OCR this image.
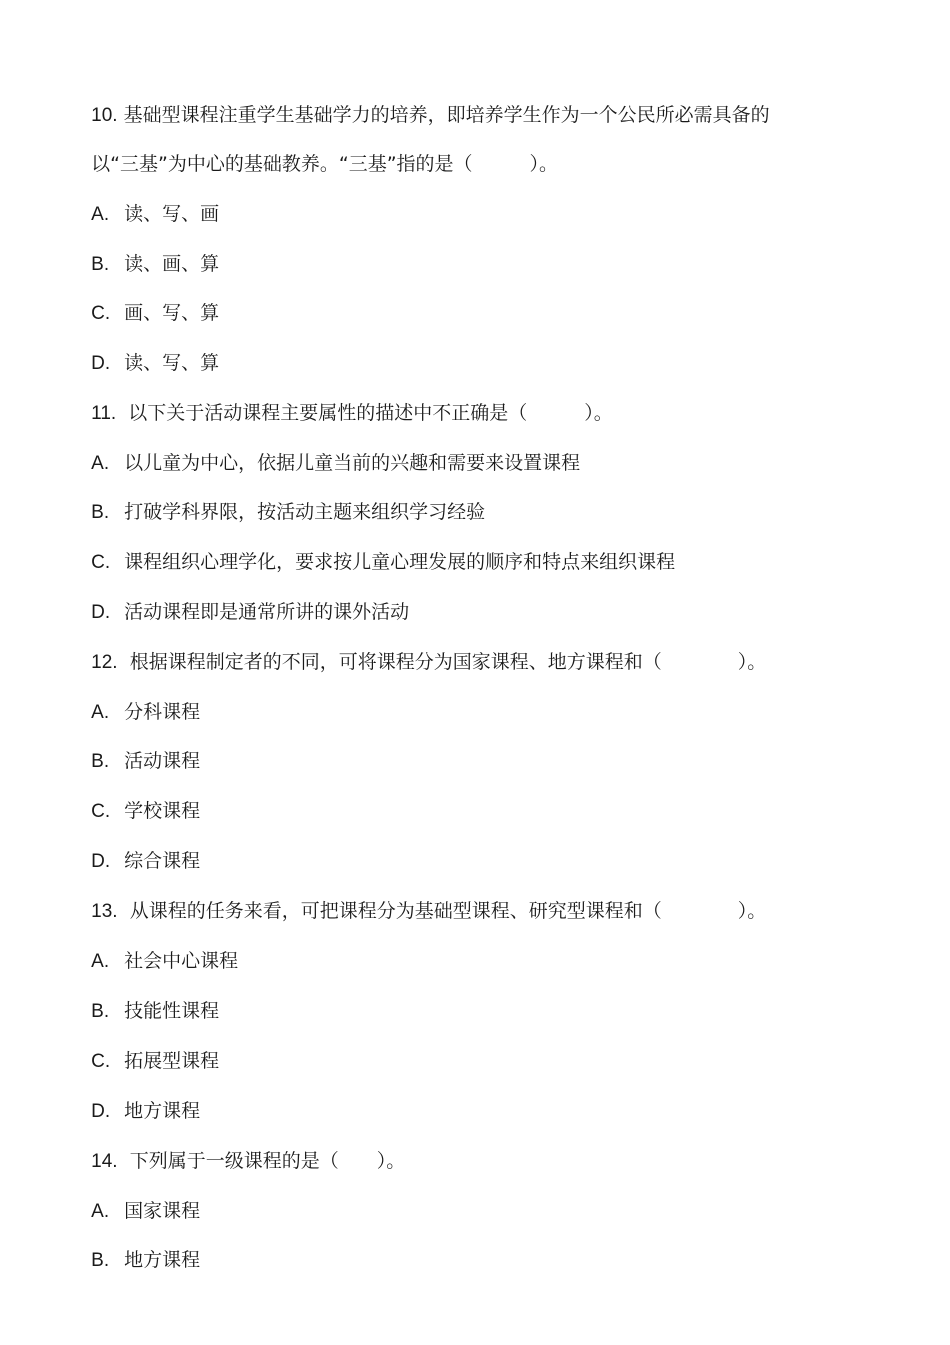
10. 基础型课程注重学生基础学力的培养，即培养学生作为一个公民所必需具备的

以“三基”为中心的基础教养。“三基”指的是（　　　）。

A. 读、写、画

B. 读、画、算

C. 画、写、算

D. 读、写、算

11. 以下关于活动课程主要属性的描述中不正确是（　　　）。

A. 以儿童为中心，依据儿童当前的兴趣和需要来设置课程

B. 打破学科界限，按活动主题来组织学习经验

C. 课程组织心理学化，要求按儿童心理发展的顺序和特点来组织课程

D. 活动课程即是通常所讲的课外活动

12. 根据课程制定者的不同，可将课程分为国家课程、地方课程和（　　　　）。

A. 分科课程

B. 活动课程

C. 学校课程

D. 综合课程

13. 从课程的任务来看，可把课程分为基础型课程、研究型课程和（　　　　）。

A. 社会中心课程

B. 技能性课程

C. 拓展型课程

D. 地方课程

14. 下列属于一级课程的是（　　）。

A. 国家课程

B. 地方课程
